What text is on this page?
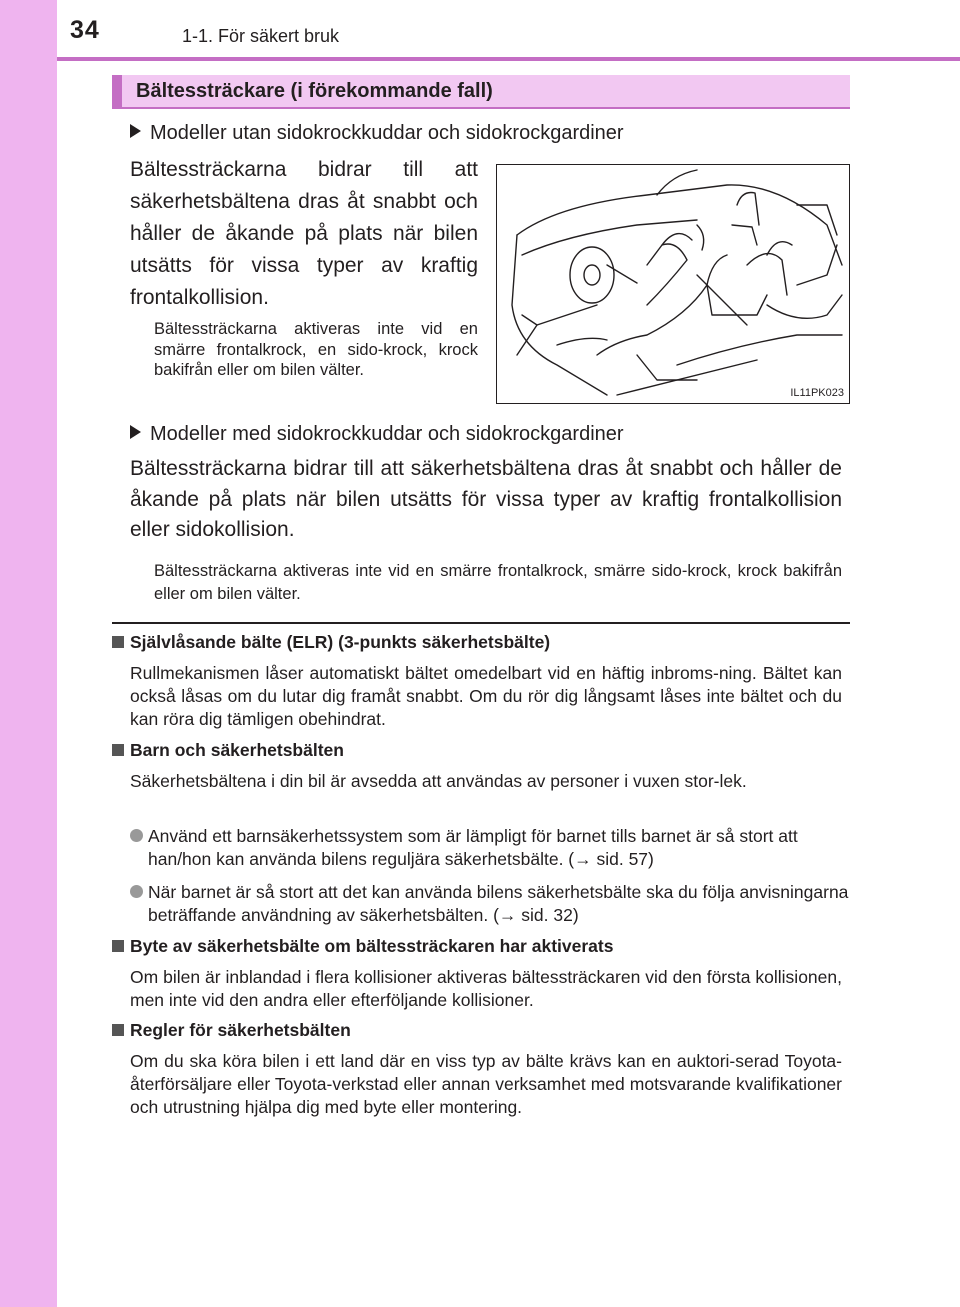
34	1-1. För säkert bruk
Bältessträckare (i förekommande fall)
Modeller utan sidokrockkuddar och sidokrockgardiner
Bältessträckarna bidrar till att säkerhetsbältena dras åt snabbt och håller de åkande på plats när bilen utsätts för vissa typer av kraftig frontalkollision.
Bältessträckarna aktiveras inte vid en smärre frontalkrock, en sido-krock, krock bakifrån eller om bilen välter.
IL11PK023
Modeller med sidokrockkuddar och sidokrockgardiner
Bältessträckarna bidrar till att säkerhetsbältena dras åt snabbt och håller de åkande på plats när bilen utsätts för vissa typer av kraftig frontalkollision eller sidokollision.
Bältessträckarna aktiveras inte vid en smärre frontalkrock, smärre sido-krock, krock bakifrån eller om bilen välter.
Självlåsande bälte (ELR) (3-punkts säkerhetsbälte)
Rullmekanismen låser automatiskt bältet omedelbart vid en häftig inbroms-ning. Bältet kan också låsas om du lutar dig framåt snabbt. Om du rör dig långsamt låses inte bältet och du kan röra dig tämligen obehindrat.
Barn och säkerhetsbälten
Säkerhetsbältena i din bil är avsedda att användas av personer i vuxen stor-lek.
Använd ett barnsäkerhetssystem som är lämpligt för barnet tills barnet är så stort att han/hon kan använda bilens reguljära säkerhetsbälte. (→ sid. 57)
När barnet är så stort att det kan använda bilens säkerhetsbälte ska du följa anvisningarna beträffande användning av säkerhetsbälten. (→ sid. 32)
Byte av säkerhetsbälte om bältessträckaren har aktiverats
Om bilen är inblandad i flera kollisioner aktiveras bältessträckaren vid den första kollisionen, men inte vid den andra eller efterföljande kollisioner.
Regler för säkerhetsbälten
Om du ska köra bilen i ett land där en viss typ av bälte krävs kan en auktori-serad Toyota-återförsäljare eller Toyota-verkstad eller annan verksamhet med motsvarande kvalifikationer och utrustning hjälpa dig med byte eller montering.
